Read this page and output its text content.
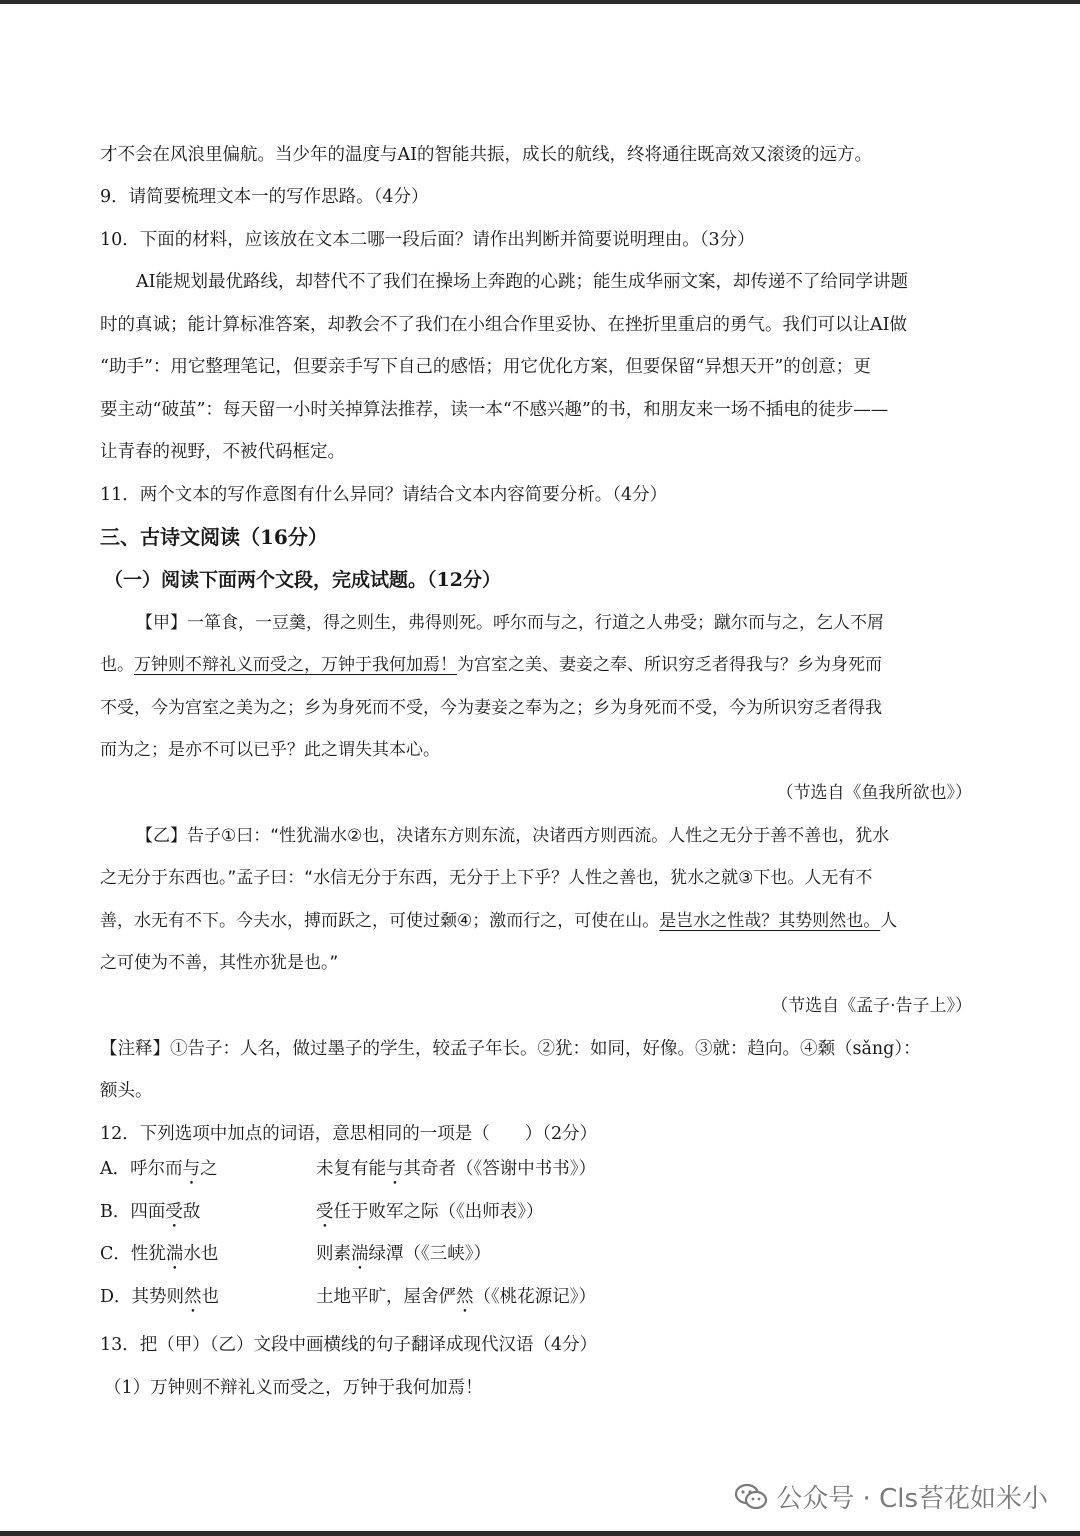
才不会在风浪里偏航。当少年的温度与AI的智能共振，成长的航线，终将通往既高效又滚烫的远方。
9．请简要梳理文本一的写作思路。（4分）
10．下面的材料，应该放在文本二哪一段后面？请作出判断并简要说明理由。（3分）
AI能规划最优路线，却替代不了我们在操场上奔跑的心跳；能生成华丽文案，却传递不了给同学讲题
时的真诚；能计算标准答案，却教会不了我们在小组合作里妥协、在挫折里重启的勇气。我们可以让AI做
“助手”：用它整理笔记，但要亲手写下自己的感悟；用它优化方案，但要保留“异想天开”的创意；更
要主动“破茧”：每天留一小时关掉算法推荐，读一本“不感兴趣”的书，和朋友来一场不插电的徒步——
让青春的视野，不被代码框定。
11．两个文本的写作意图有什么异同？请结合文本内容简要分析。（4分）
三、古诗文阅读（16分）
（一）阅读下面两个文段，完成试题。（12分）
【甲】一箪食，一豆羹，得之则生，弗得则死。呼尔而与之，行道之人弗受；蹴尔而与之，乞人不屑
也。万钟则不辩礼义而受之，万钟于我何加焉！为宫室之美、妻妾之奉、所识穷乏者得我与？乡为身死而
不受，今为宫室之美为之；乡为身死而不受，今为妻妾之奉为之；乡为身死而不受，今为所识穷乏者得我
而为之；是亦不可以已乎？此之谓失其本心。
（节选自《鱼我所欲也》）
【乙】告子①曰：“性犹湍水②也，决诸东方则东流，决诸西方则西流。人性之无分于善不善也，犹水
之无分于东西也。”孟子曰：“水信无分于东西，无分于上下乎？人性之善也，犹水之就③下也。人无有不
善，水无有不下。今夫水，搏而跃之，可使过颡④；激而行之，可使在山。是岂水之性哉？其势则然也。人
之可使为不善，其性亦犹是也。”
（节选自《孟子·告子上》）
【注释】①告子：人名，做过墨子的学生，较孟子年长。②犹：如同，好像。③就：趋向。④颡（sǎng）：
额头。
12．下列选项中加点的词语，意思相同的一项是（　　）（2分）
A．呼尔而与之	未复有能与其奇者（《答谢中书书》）
B．四面受敌	受任于败军之际（《出师表》）
C．性犹湍水也	则素湍绿潭（《三峡》）
D．其势则然也	土地平旷，屋舍俨然（《桃花源记》）
13．把（甲）（乙）文段中画横线的句子翻译成现代汉语（4分）
（1）万钟则不辩礼义而受之，万钟于我何加焉！
公众号 · Cls苔花如米小
